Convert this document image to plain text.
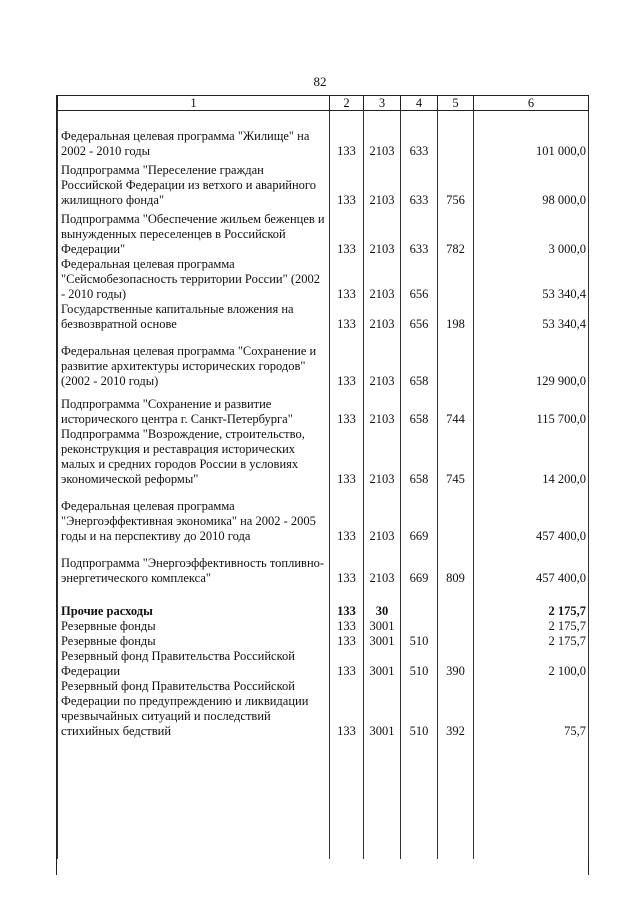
82
1	2	3	4	5	6

Федеральная целевая программа "Жилище" на 2002 - 2010 годы	133	2103	633		101 000,0

Подпрограмма "Переселение граждан Российской Федерации из ветхого и аварийного жилищного фонда"	133	2103	633	756	98 000,0

Подпрограмма "Обеспечение жильем беженцев и вынужденных переселенцев в Российской Федерации"	133	2103	633	782	3 000,0
Федеральная целевая программа "Сейсмобезопасность территории России" (2002 - 2010 годы)	133	2103	656		53 340,4
Государственные капитальные вложения на безвозвратной основе	133	2103	656	198	53 340,4

Федеральная целевая программа "Сохранение и развитие архитектуры исторических городов" (2002 - 2010 годы)	133	2103	658		129 900,0

Подпрограмма "Сохранение и развитие исторического центра г. Санкт-Петербурга"	133	2103	658	744	115 700,0
Подпрограмма "Возрождение, строительство, реконструкция и реставрация исторических малых и средних городов России в условиях экономической реформы"	133	2103	658	745	14 200,0

Федеральная целевая программа "Энергоэффективная экономика" на 2002 - 2005 годы и на перспективу до 2010 года	133	2103	669		457 400,0

Подпрограмма "Энергоэффективность топливно-энергетического комплекса"	133	2103	669	809	457 400,0

Прочие расходы	133	30			2 175,7
Резервные фонды	133	3001			2 175,7
Резервные фонды	133	3001	510		2 175,7
Резервный фонд Правительства Российской Федерации	133	3001	510	390	2 100,0
Резервный фонд Правительства Российской Федерации по предупреждению и ликвидации чрезвычайных ситуаций и последствий стихийных бедствий	133	3001	510	392	75,7
